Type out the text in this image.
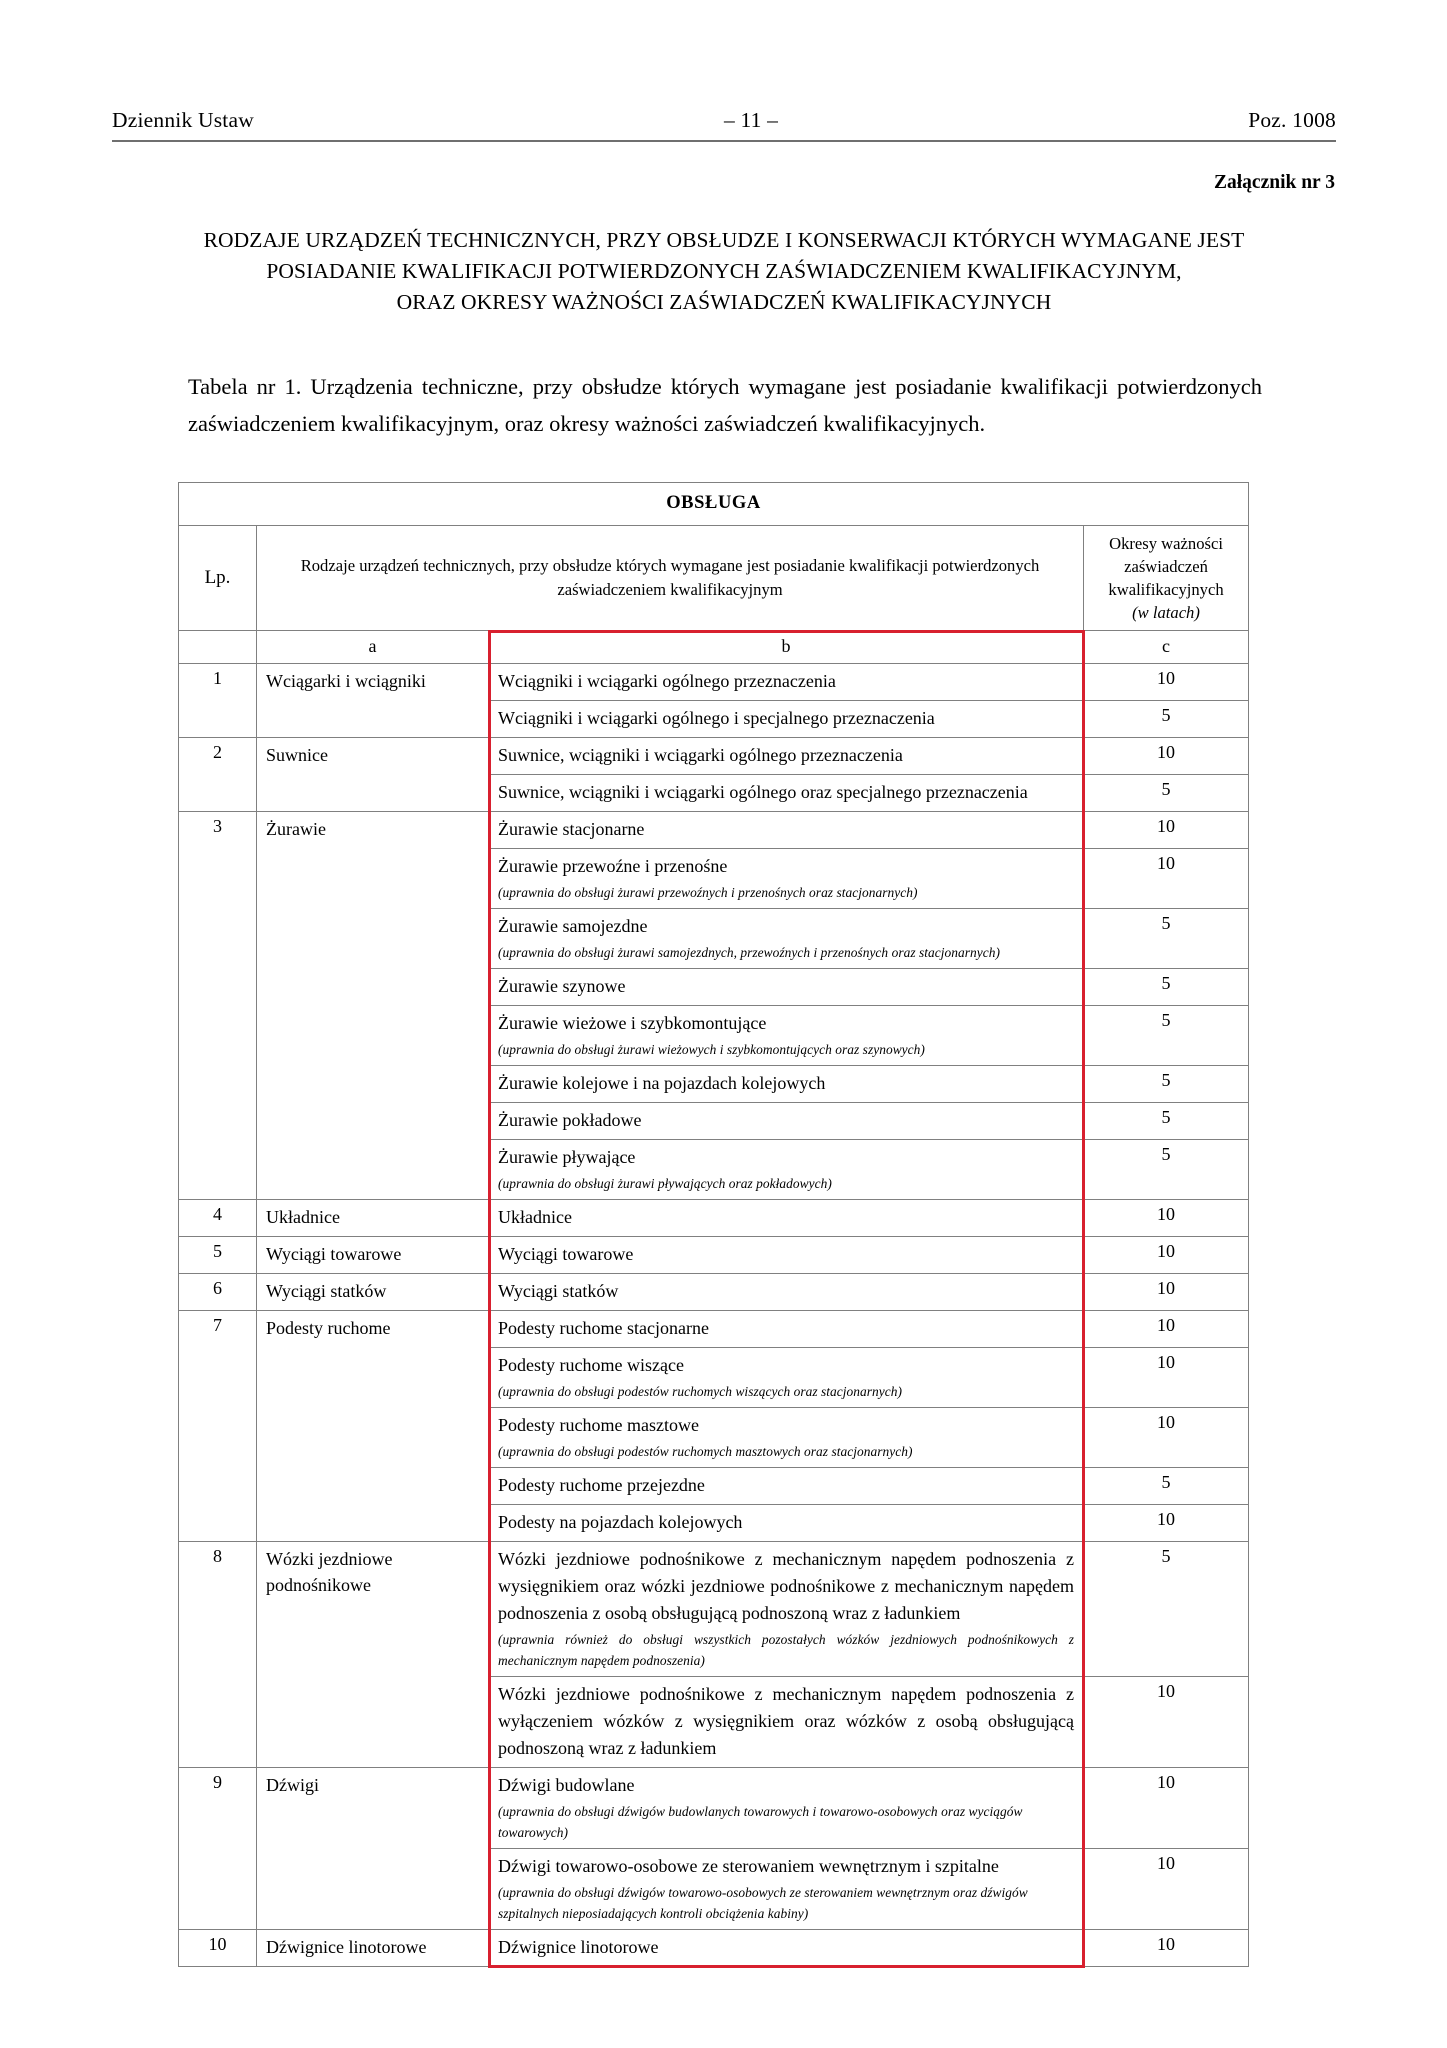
Dziennik Ustaw	– 11 –	Poz. 1008
Załącznik nr 3
RODZAJE URZĄDZEŃ TECHNICZNYCH, PRZY OBSŁUDZE I KONSERWACJI KTÓRYCH WYMAGANE JEST
POSIADANIE KWALIFIKACJI POTWIERDZONYCH ZAŚWIADCZENIEM KWALIFIKACYJNYM,
ORAZ OKRESY WAŻNOŚCI ZAŚWIADCZEŃ KWALIFIKACYJNYCH

Tabela nr 1. Urządzenia techniczne, przy obsłudze których wymagane jest posiadanie kwalifikacji potwierdzonych zaświadczeniem kwalifikacyjnym, oraz okresy ważności zaświadczeń kwalifikacyjnych.

OBSŁUGA			
Lp.	Rodzaje urządzeń technicznych, przy obsłudze których wymagane jest posiadanie kwalifikacji potwierdzonych zaświadczeniem kwalifikacyjnym		Okresy ważności
zaświadczeń
kwalifikacyjnych
(w latach)
	a	b	c
1	Wciągarki i wciągniki	Wciągniki i wciągarki ogólnego przeznaczenia	10
		Wciągniki i wciągarki ogólnego i specjalnego przeznaczenia	5
2	Suwnice	Suwnice, wciągniki i wciągarki ogólnego przeznaczenia	10

		Suwnice, wciągniki i wciągarki ogólnego oraz specjalnego przeznaczenia	5
3	Żurawie	Żurawie stacjonarne	10
		Żurawie przewoźne i przenośne
(uprawnia do obsługi żurawi przewoźnych i przenośnych oraz stacjonarnych)	10
		Żurawie samojezdne
(uprawnia do obsługi żurawi samojezdnych, przewoźnych i przenośnych oraz stacjonarnych)	5
		Żurawie szynowe	5
		Żurawie wieżowe i szybkomontujące
(uprawnia do obsługi żurawi wieżowych i szybkomontujących oraz szynowych)	5
		Żurawie kolejowe i na pojazdach kolejowych	5
		Żurawie pokładowe	5
		Żurawie pływające
(uprawnia do obsługi żurawi pływających oraz pokładowych)	5
4	Układnice	Układnice	10
5	Wyciągi towarowe	Wyciągi towarowe	10
6	Wyciągi statków	Wyciągi statków	10
7	Podesty ruchome	Podesty ruchome stacjonarne	10
		Podesty ruchome wiszące
(uprawnia do obsługi podestów ruchomych wiszących oraz stacjonarnych)	10
		Podesty ruchome masztowe
(uprawnia do obsługi podestów ruchomych masztowych oraz stacjonarnych)	10
		Podesty ruchome przejezdne	5
		Podesty na pojazdach kolejowych	10
8	Wózki jezdniowe podnośnikowe	Wózki jezdniowe podnośnikowe z mechanicznym napędem podnoszenia z wysięgnikiem oraz wózki jezdniowe podnośnikowe z mechanicznym napędem podnoszenia z osobą obsługującą podnoszoną wraz z ładunkiem
(uprawnia również do obsługi wszystkich pozostałych wózków jezdniowych podnośnikowych z mechanicznym napędem podnoszenia)	5

		Wózki jezdniowe podnośnikowe z mechanicznym napędem podnoszenia z wyłączeniem wózków z wysięgnikiem oraz wózków z osobą obsługującą podnoszoną wraz z ładunkiem	10
9	Dźwigi	Dźwigi budowlane
(uprawnia do obsługi dźwigów budowlanych towarowych i towarowo-osobowych oraz wyciągów towarowych)	10
		Dźwigi towarowo-osobowe ze sterowaniem wewnętrznym i szpitalne
(uprawnia do obsługi dźwigów towarowo-osobowych ze sterowaniem wewnętrznym oraz dźwigów szpitalnych nieposiadających kontroli obciążenia kabiny)	10
10	Dźwignice linotorowe	Dźwignice linotorowe	10
